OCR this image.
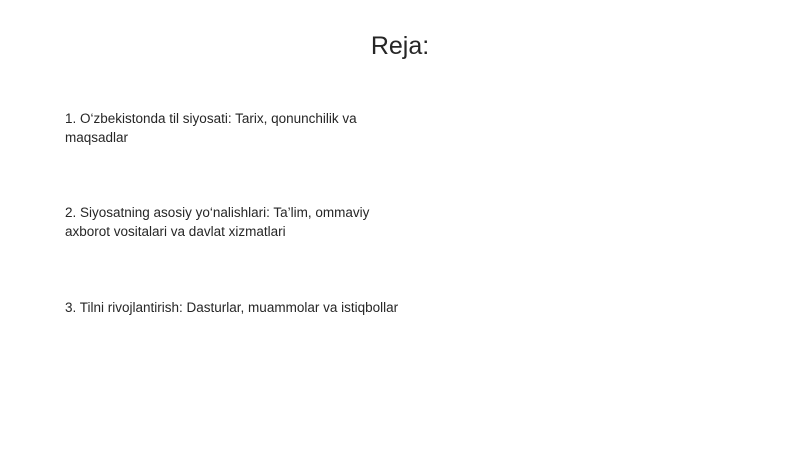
Reja:
1. O‘zbekistonda til siyosati: Tarix, qonunchilik va
maqsadlar
2. Siyosatning asosiy yo‘nalishlari: Ta’lim, ommaviy
axborot vositalari va davlat xizmatlari
3. Tilni rivojlantirish: Dasturlar, muammolar va istiqbollar
